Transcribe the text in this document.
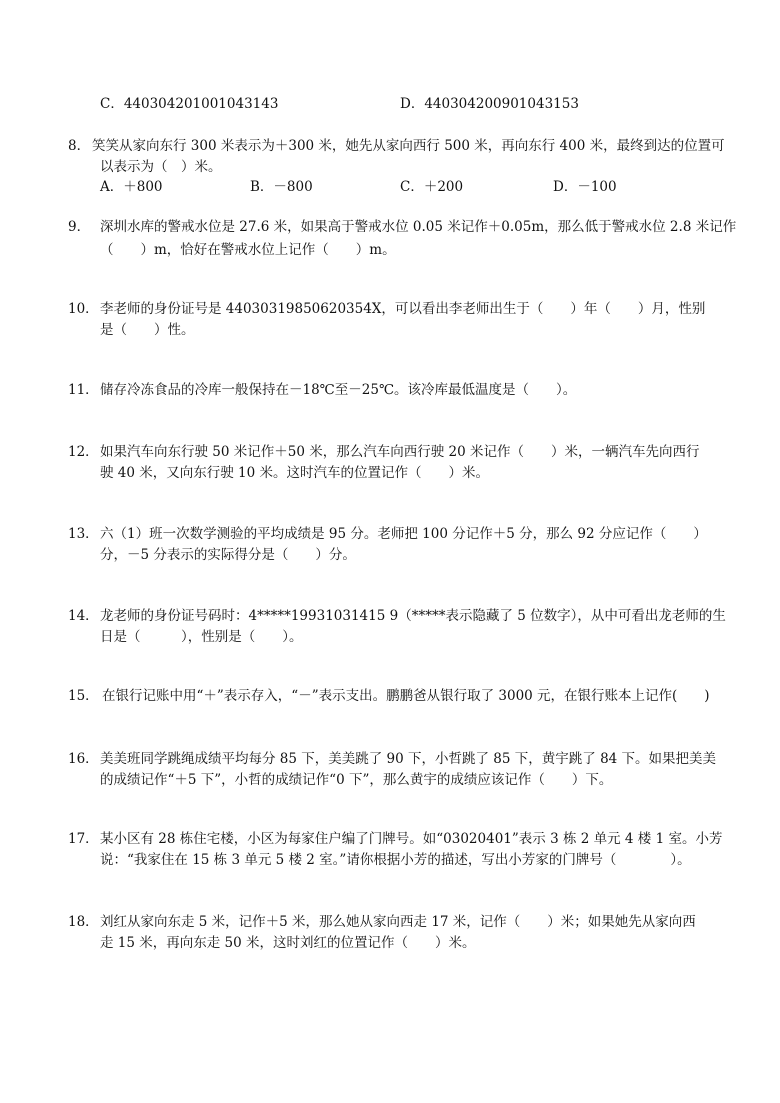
C．440304201001043143	D．440304200901043153
8． 笑笑从家向东行 300 米表示为＋300 米，她先从家向西行 500 米，再向东行 400 米，最终到达的位置可
以表示为（　）米。
A．＋800	B．－800	C．＋200	D．－100
9． 深圳水库的警戒水位是 27.6 米，如果高于警戒水位 0.05 米记作＋0.05m，那么低于警戒水位 2.8 米记作
（　　）m，恰好在警戒水位上记作（　　）m。
10． 李老师的身份证号是 44030319850620354X，可以看出李老师出生于（　　）年（　　）月，性别
是（　　）性。
11． 储存冷冻食品的冷库一般保持在－18℃至－25℃。该冷库最低温度是（　　）。
12． 如果汽车向东行驶 50 米记作＋50 米，那么汽车向西行驶 20 米记作（　　）米，一辆汽车先向西行
驶 40 米，又向东行驶 10 米。这时汽车的位置记作（　　）米。
13． 六（1）班一次数学测验的平均成绩是 95 分。老师把 100 分记作＋5 分，那么 92 分应记作（　　）
分，－5 分表示的实际得分是（　　）分。
14． 龙老师的身份证号码时：4*****19931031415 9（*****表示隐藏了 5 位数字），从中可看出龙老师的生
日是（　　　），性别是（　　）。
15． 在银行记账中用“＋”表示存入，“－”表示支出。鹏鹏爸从银行取了 3000 元，在银行账本上记作(　　)
16． 美美班同学跳绳成绩平均每分 85 下，美美跳了 90 下，小哲跳了 85 下，黄宇跳了 84 下。如果把美美
的成绩记作“＋5 下”，小哲的成绩记作“0 下”，那么黄宇的成绩应该记作（　　）下。
17． 某小区有 28 栋住宅楼，小区为每家住户编了门牌号。如“03020401”表示 3 栋 2 单元 4 楼 1 室。小芳
说：“我家住在 15 栋 3 单元 5 楼 2 室。”请你根据小芳的描述，写出小芳家的门牌号（　　　　）。
18． 刘红从家向东走 5 米，记作＋5 米，那么她从家向西走 17 米，记作（　　）米；如果她先从家向西
走 15 米，再向东走 50 米，这时刘红的位置记作（　　）米。
